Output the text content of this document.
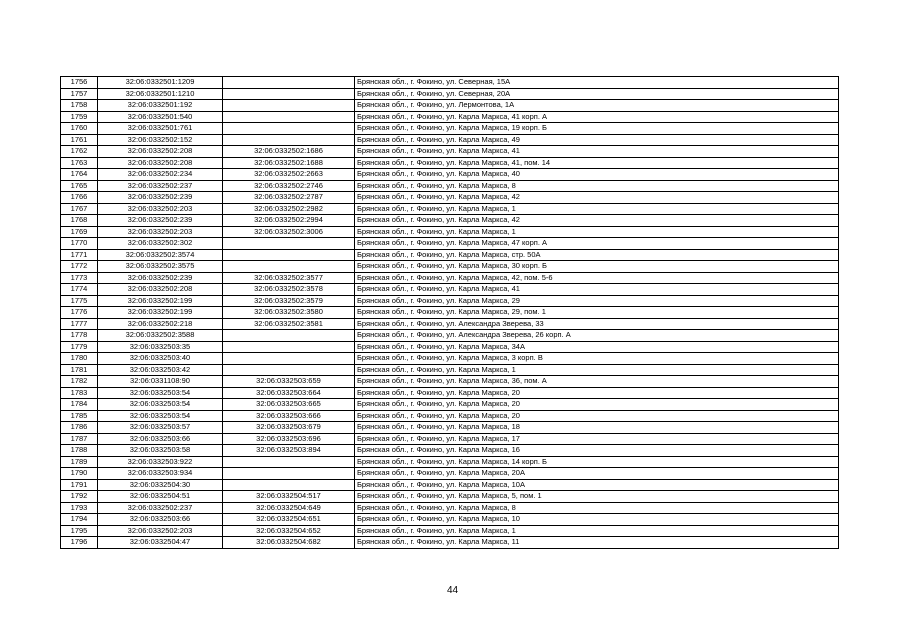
1756	32:06:0332501:1209		Брянская обл., г. Фокино, ул. Северная, 15А
1757	32:06:0332501:1210		Брянская обл., г. Фокино, ул. Северная, 20А
1758	32:06:0332501:192		Брянская обл., г. Фокино, ул. Лермонтова, 1А
1759	32:06:0332501:540		Брянская обл., г. Фокино, ул. Карла Маркса, 41 корп. А
1760	32:06:0332501:761		Брянская обл., г. Фокино, ул. Карла Маркса, 19 корп. Б
1761	32:06:0332502:152		Брянская обл., г. Фокино, ул. Карла Маркса, 49
1762	32:06:0332502:208	32:06:0332502:1686	Брянская обл., г. Фокино, ул. Карла Маркса, 41
1763	32:06:0332502:208	32:06:0332502:1688	Брянская обл., г. Фокино, ул. Карла Маркса, 41, пом. 14
1764	32:06:0332502:234	32:06:0332502:2663	Брянская обл., г. Фокино, ул. Карла Маркса, 40
1765	32:06:0332502:237	32:06:0332502:2746	Брянская обл., г. Фокино, ул. Карла Маркса, 8
1766	32:06:0332502:239	32:06:0332502:2787	Брянская обл., г. Фокино, ул. Карла Маркса, 42
1767	32:06:0332502:203	32:06:0332502:2982	Брянская обл., г. Фокино, ул. Карла Маркса, 1
1768	32:06:0332502:239	32:06:0332502:2994	Брянская обл., г. Фокино, ул. Карла Маркса, 42
1769	32:06:0332502:203	32:06:0332502:3006	Брянская обл., г. Фокино, ул. Карла Маркса, 1
1770	32:06:0332502:302		Брянская обл., г. Фокино, ул. Карла Маркса, 47 корп. А
1771	32:06:0332502:3574		Брянская обл., г. Фокино, ул. Карла Маркса, стр. 50А
1772	32:06:0332502:3575		Брянская обл., г. Фокино, ул. Карла Маркса, 30 корп. Б
1773	32:06:0332502:239	32:06:0332502:3577	Брянская обл., г. Фокино, ул. Карла Маркса, 42, пом. 5-6
1774	32:06:0332502:208	32:06:0332502:3578	Брянская обл., г. Фокино, ул. Карла Маркса, 41
1775	32:06:0332502:199	32:06:0332502:3579	Брянская обл., г. Фокино, ул. Карла Маркса, 29
1776	32:06:0332502:199	32:06:0332502:3580	Брянская обл., г. Фокино, ул. Карла Маркса, 29, пом. 1
1777	32:06:0332502:218	32:06:0332502:3581	Брянская обл., г. Фокино, ул. Александра Зверева, 33
1778	32:06:0332502:3588		Брянская обл., г. Фокино, ул. Александра Зверева, 26 корп. А
1779	32:06:0332503:35		Брянская обл., г. Фокино, ул. Карла Маркса, 34А
1780	32:06:0332503:40		Брянская обл., г. Фокино, ул. Карла Маркса, 3 корп. В
1781	32:06:0332503:42		Брянская обл., г. Фокино, ул. Карла Маркса, 1
1782	32:06:0331108:90	32:06:0332503:659	Брянская обл., г. Фокино, ул. Карла Маркса, 36, пом. А
1783	32:06:0332503:54	32:06:0332503:664	Брянская обл., г. Фокино, ул. Карла Маркса, 20
1784	32:06:0332503:54	32:06:0332503:665	Брянская обл., г. Фокино, ул. Карла Маркса, 20
1785	32:06:0332503:54	32:06:0332503:666	Брянская обл., г. Фокино, ул. Карла Маркса, 20
1786	32:06:0332503:57	32:06:0332503:679	Брянская обл., г. Фокино, ул. Карла Маркса, 18
1787	32:06:0332503:66	32:06:0332503:696	Брянская обл., г. Фокино, ул. Карла Маркса, 17
1788	32:06:0332503:58	32:06:0332503:894	Брянская обл., г. Фокино, ул. Карла Маркса, 16
1789	32:06:0332503:922		Брянская обл., г. Фокино, ул. Карла Маркса, 14 корп. Б
1790	32:06:0332503:934		Брянская обл., г. Фокино, ул. Карла Маркса, 20А
1791	32:06:0332504:30		Брянская обл., г. Фокино, ул. Карла Маркса, 10А
1792	32:06:0332504:51	32:06:0332504:517	Брянская обл., г. Фокино, ул. Карла Маркса, 5, пом. 1
1793	32:06:0332502:237	32:06:0332504:649	Брянская обл., г. Фокино, ул. Карла Маркса, 8
1794	32:06:0332503:66	32:06:0332504:651	Брянская обл., г. Фокино, ул. Карла Маркса, 10
1795	32:06:0332502:203	32:06:0332504:652	Брянская обл., г. Фокино, ул. Карла Маркса, 1
1796	32:06:0332504:47	32:06:0332504:682	Брянская обл., г. Фокино, ул. Карла Маркса, 11
44
